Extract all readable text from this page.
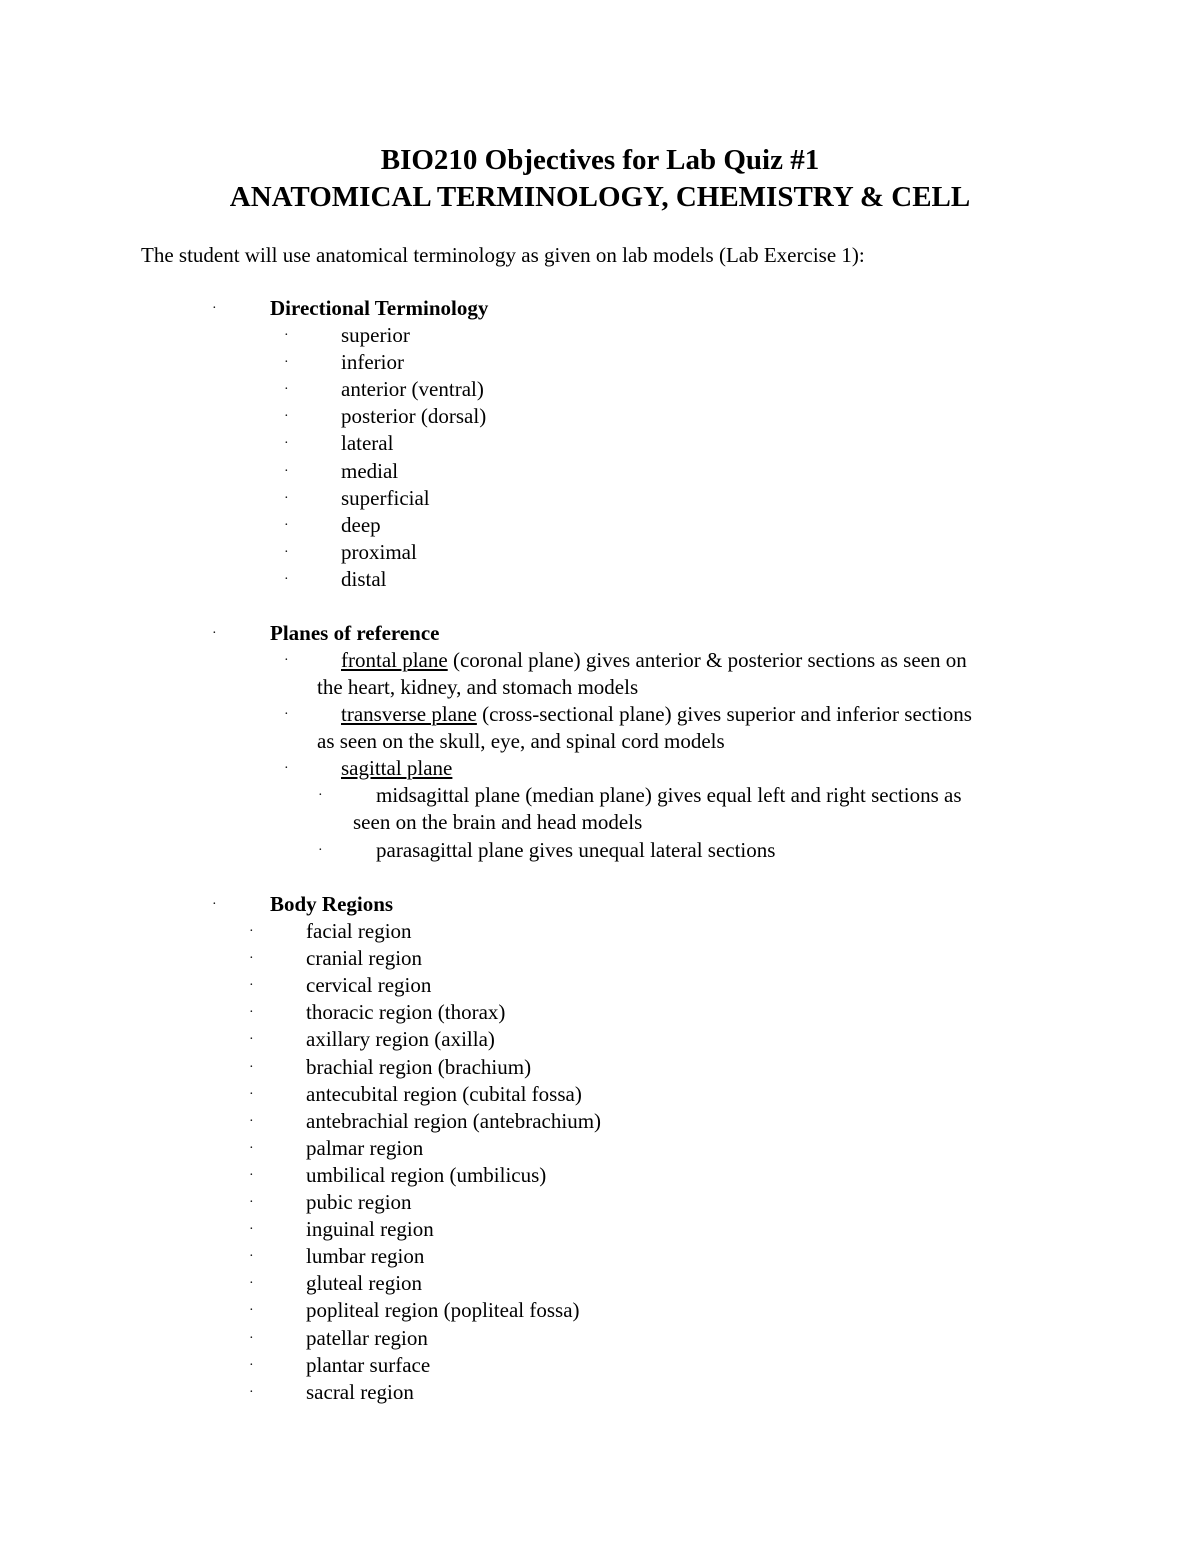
BIO210 Objectives for Lab Quiz #1
ANATOMICAL TERMINOLOGY, CHEMISTRY & CELL

The student will use anatomical terminology as given on lab models (Lab Exercise 1):

·	Directional Terminology

· superior

· inferior

· anterior (ventral)

· posterior (dorsal)

· lateral

· medial

· superficial

· deep

· proximal

· distal

·	Planes of reference

· frontal plane (coronal plane) gives anterior & posterior sections as seen on

the heart, kidney, and stomach models

· transverse plane (cross-sectional plane) gives superior and inferior sections

as seen on the skull, eye, and spinal cord models

· sagittal plane

·	midsagittal plane (median plane) gives equal left and right sections as

seen on the brain and head models

·	parasagittal plane gives unequal lateral sections

·	Body Regions

· facial region

· cranial region

· cervical region

· thoracic region (thorax)

· axillary region (axilla)

· brachial region (brachium)

· antecubital region (cubital fossa)

· antebrachial region (antebrachium)

· palmar region

· umbilical region (umbilicus)

· pubic region

· inguinal region

· lumbar region

· gluteal region

· popliteal region (popliteal fossa)

· patellar region

· plantar surface

· sacral region
